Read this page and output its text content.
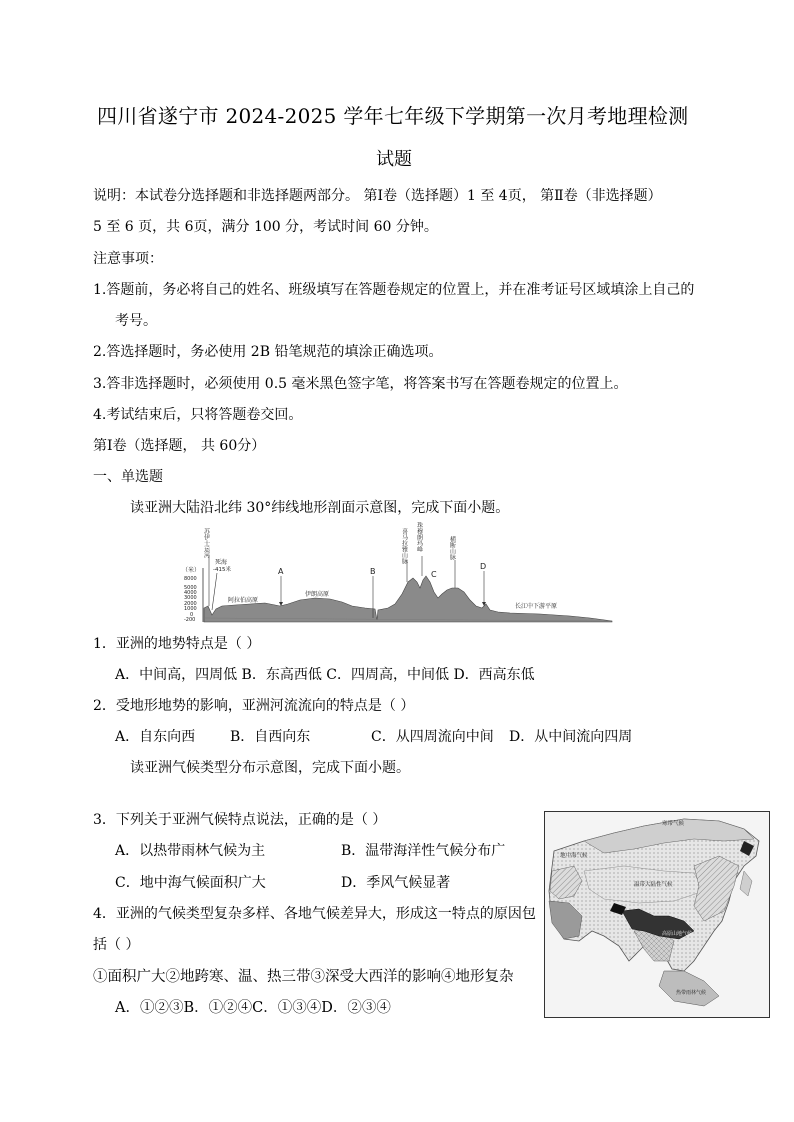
四川省遂宁市 2024-2025 学年七年级下学期第一次月考地理检测
试题
说明：本试卷分选择题和非选择题两部分。 第Ⅰ卷（选择题）1 至 4页， 第Ⅱ卷（非选择题）
5 至 6 页，共 6页，满分 100 分，考试时间 60 分钟。
注意事项：
1.答题前，务必将自己的姓名、班级填写在答题卷规定的位置上，并在准考证号区域填涂上自己的
考号。
2.答选择题时，务必使用 2B 铅笔规范的填涂正确选项。
3.答非选择题时，必须使用 0.5 毫米黑色签字笔，将答案书写在答题卷规定的位置上。
4.考试结束后，只将答题卷交回。
第Ⅰ卷（选择题， 共 60分）
一、单选题
读亚洲大陆沿北纬 30°纬线地形剖面示意图，完成下面小题。
（米）
8000
5000
4000
3000
2000
1000
0
-200
苏伊士运河
死海
-415米
阿拉伯高原
伊朗高原
A	B
喜马拉雅山脉 珠穆朗玛峰
C
横断山脉
D
长江中下游平原
1．亚洲的地势特点是（ ）
A．中间高，四周低 B．东高西低 C．四周高，中间低 D．西高东低
2．受地形地势的影响，亚洲河流流向的特点是（ ）
A．自东向西 B．自西向东	C．从四周流向中间 D．从中间流向四周
读亚洲气候类型分布示意图，完成下面小题。
3．下列关于亚洲气候特点说法，正确的是（ ）
A．以热带雨林气候为主	B．温带海洋性气候分布广
C．地中海气候面积广大	D．季风气候显著
4．亚洲的气候类型复杂多样、各地气候差异大，形成这一特点的原因包
括（ ）
①面积广大②地跨寒、温、热三带③深受大西洋的影响④地形复杂
A．①②③B．①②④C．①③④D．②③④
寒带气候
地中海气候
温带大陆性气候
高原山地气候
热带雨林气候
